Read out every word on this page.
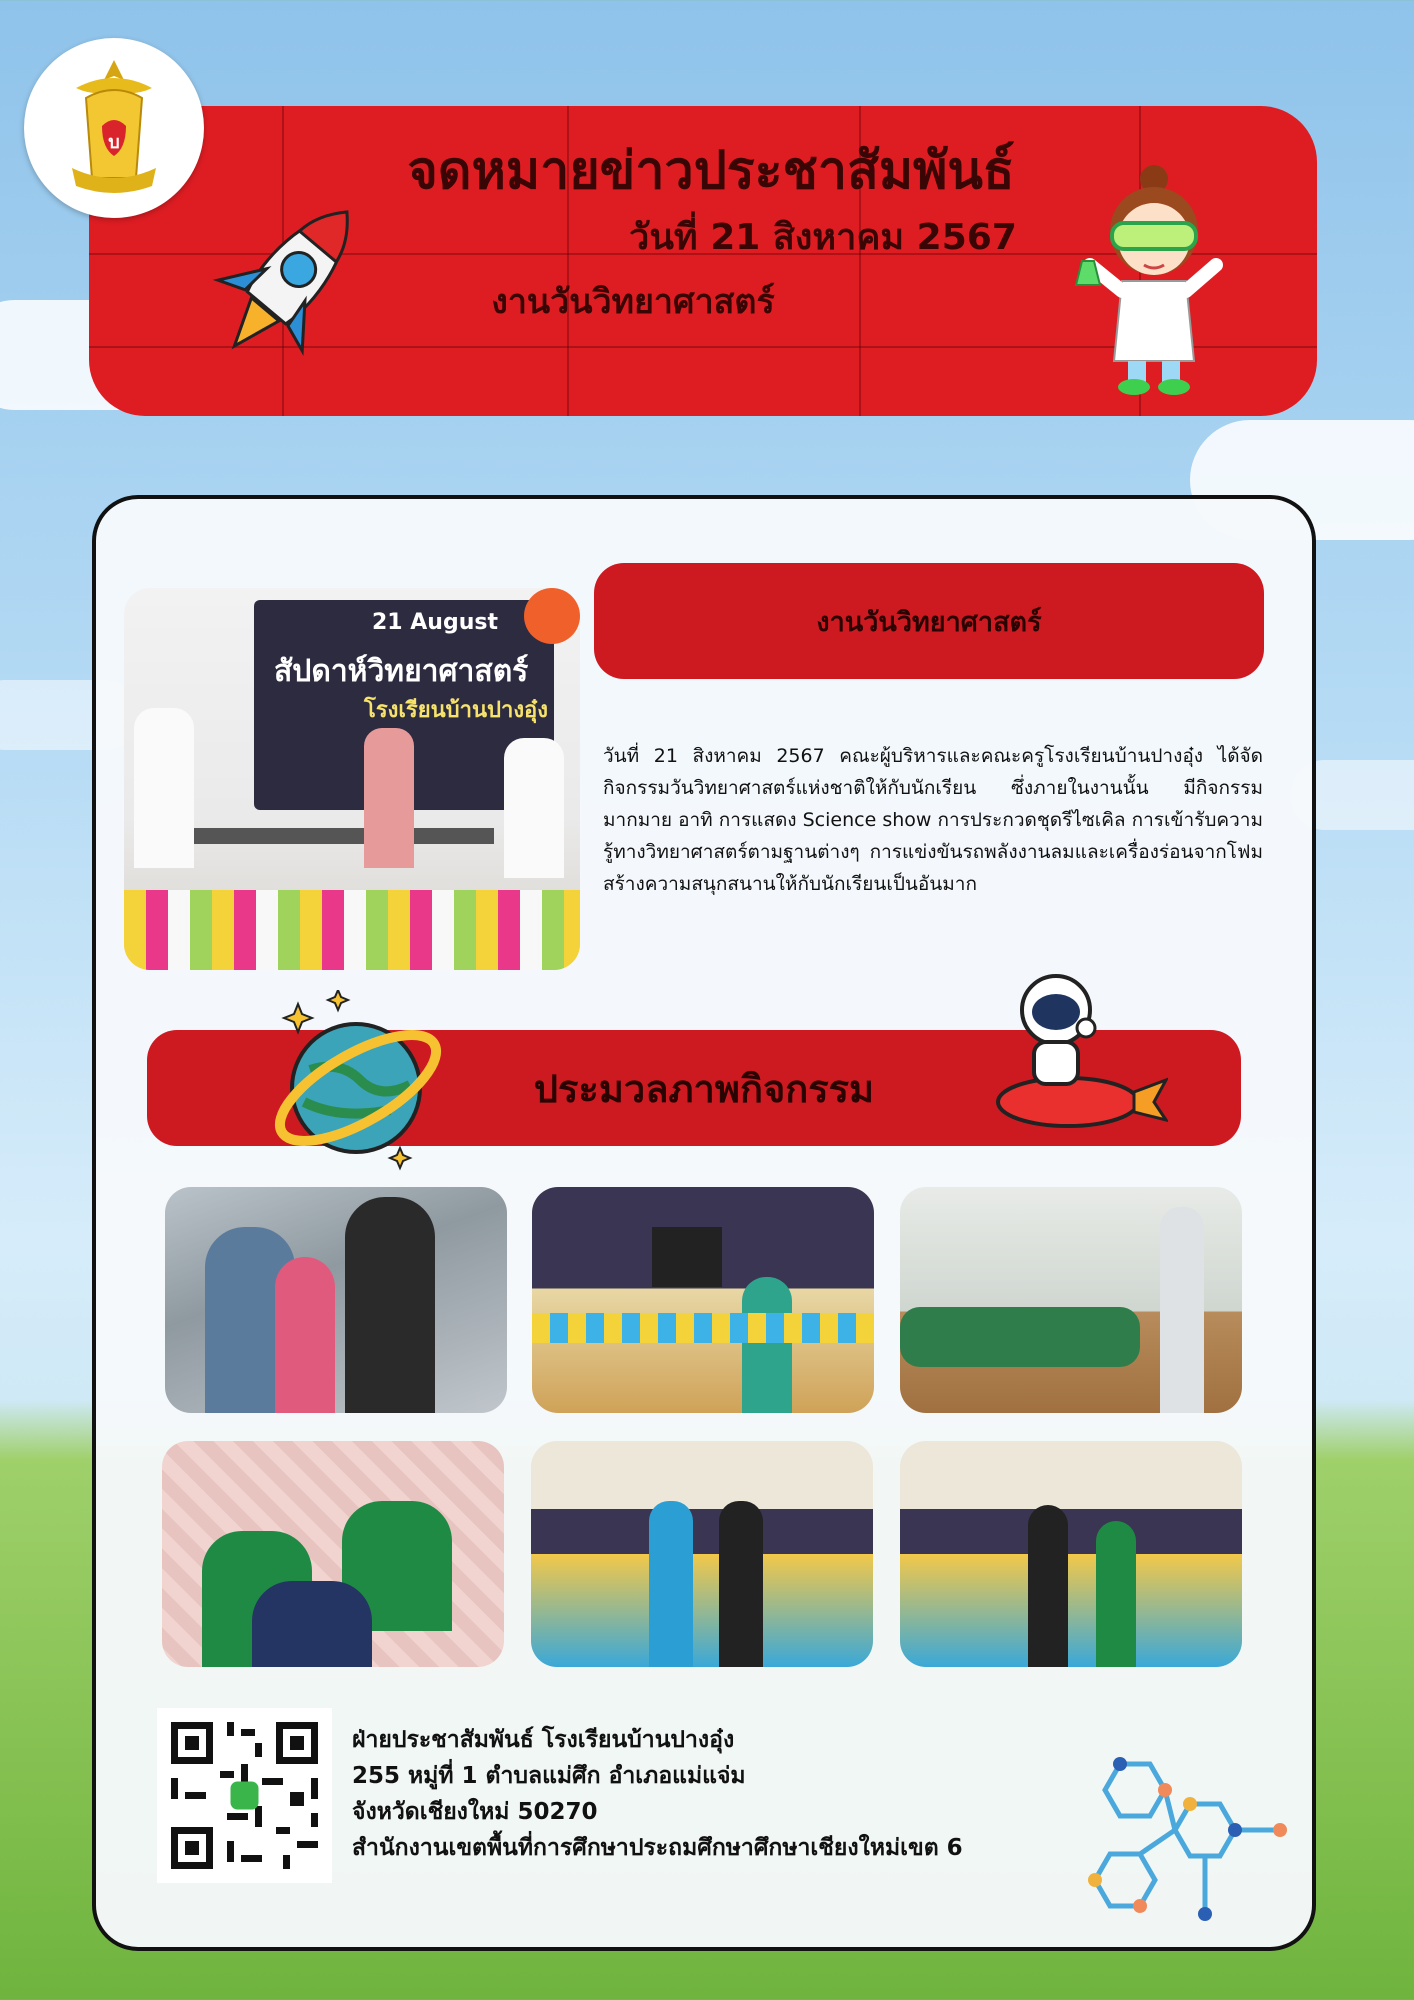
จดหมายข่าวประชาสัมพันธ์
วันที่ 21 สิงหาคม 2567
งานวันวิทยาศาสตร์
บ
21 August
สัปดาห์วิทยาศาสตร์
โรงเรียนบ้านปางอุ๋ง
งานวันวิทยาศาสตร์
วันที่ 21 สิงหาคม 2567 คณะผู้บริหารและคณะครูโรงเรียนบ้านปางอุ๋ง ได้จัดกิจกรรมวันวิทยาศาสตร์แห่งชาติให้กับนักเรียน ซึ่งภายในงานนั้น มีกิจกรรมมากมาย อาทิ การแสดง Science show การประกวดชุดรีไซเคิล การเข้ารับความรู้ทางวิทยาศาสตร์ตามฐานต่างๆ การแข่งขันรถพลังงานลมและเครื่องร่อนจากโฟม สร้างความสนุกสนานให้กับนักเรียนเป็นอันมาก
ประมวลภาพกิจกรรม
ฝ่ายประชาสัมพันธ์ โรงเรียนบ้านปางอุ๋ง
255 หมู่ที่ 1 ตำบลแม่ศึก อำเภอแม่แจ่ม
จังหวัดเชียงใหม่ 50270
สำนักงานเขตพื้นที่การศึกษาประถมศึกษาศึกษาเชียงใหม่เขต 6
